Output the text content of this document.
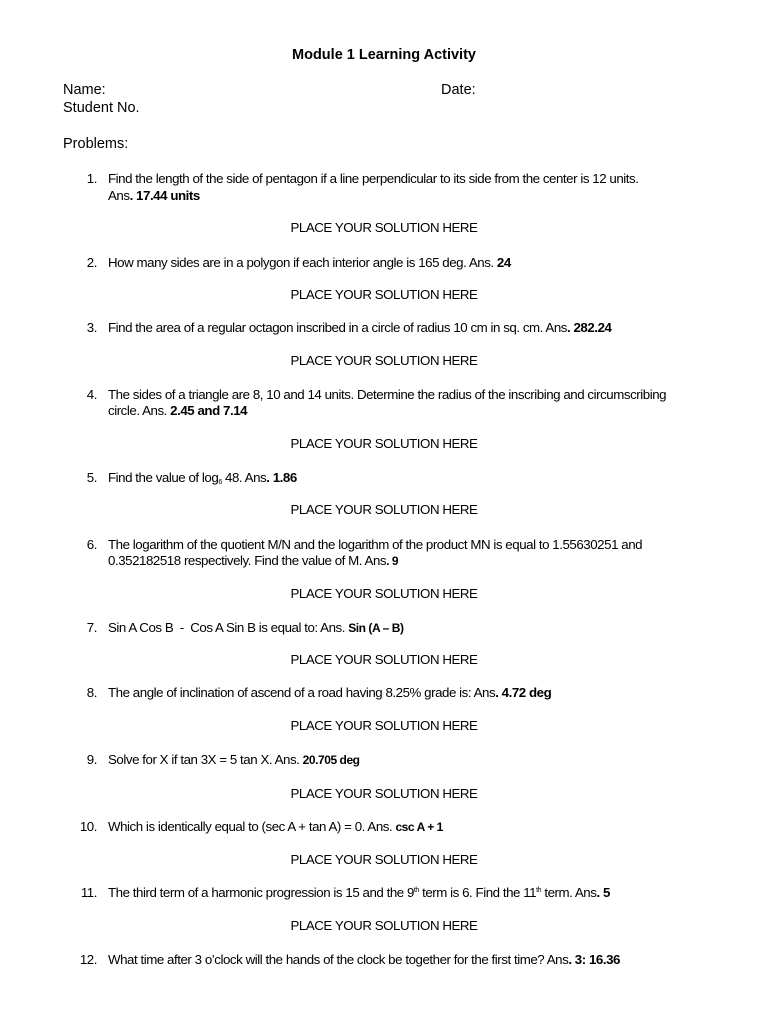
Module 1 Learning Activity
Name:	Date:
Student No.
Problems:
1. Find the length of the side of pentagon if a line perpendicular to its side from the center is 12 units.
Ans. 17.44 units
PLACE YOUR SOLUTION HERE
2. How many sides are in a polygon if each interior angle is 165 deg. Ans. 24
PLACE YOUR SOLUTION HERE
3. Find the area of a regular octagon inscribed in a circle of radius 10 cm in sq. cm. Ans. 282.24
PLACE YOUR SOLUTION HERE
4. The sides of a triangle are 8, 10 and 14 units. Determine the radius of the inscribing and circumscribing
circle. Ans. 2.45 and 7.14
PLACE YOUR SOLUTION HERE
5. Find the value of $\log_6 48$. Ans. 1.86
PLACE YOUR SOLUTION HERE
6. The logarithm of the quotient M/N and the logarithm of the product MN is equal to 1.55630251 and
0.352182518 respectively. Find the value of M. Ans. 9
PLACE YOUR SOLUTION HERE
7. Sin A Cos B  -  Cos A Sin B is equal to: Ans. Sin (A – B)
PLACE YOUR SOLUTION HERE
8. The angle of inclination of ascend of a road having 8.25% grade is: Ans. 4.72 deg
PLACE YOUR SOLUTION HERE
9. Solve for X if tan 3X = 5 tan X. Ans. 20.705 deg
PLACE YOUR SOLUTION HERE
10. Which is identically equal to (sec A + tan A) = 0. Ans. csc A + 1
PLACE YOUR SOLUTION HERE
11. The third term of a harmonic progression is 15 and the 9th term is 6. Find the 11th term. Ans. 5
PLACE YOUR SOLUTION HERE
12. What time after 3 o’clock will the hands of the clock be together for the first time? Ans. 3: 16.36
